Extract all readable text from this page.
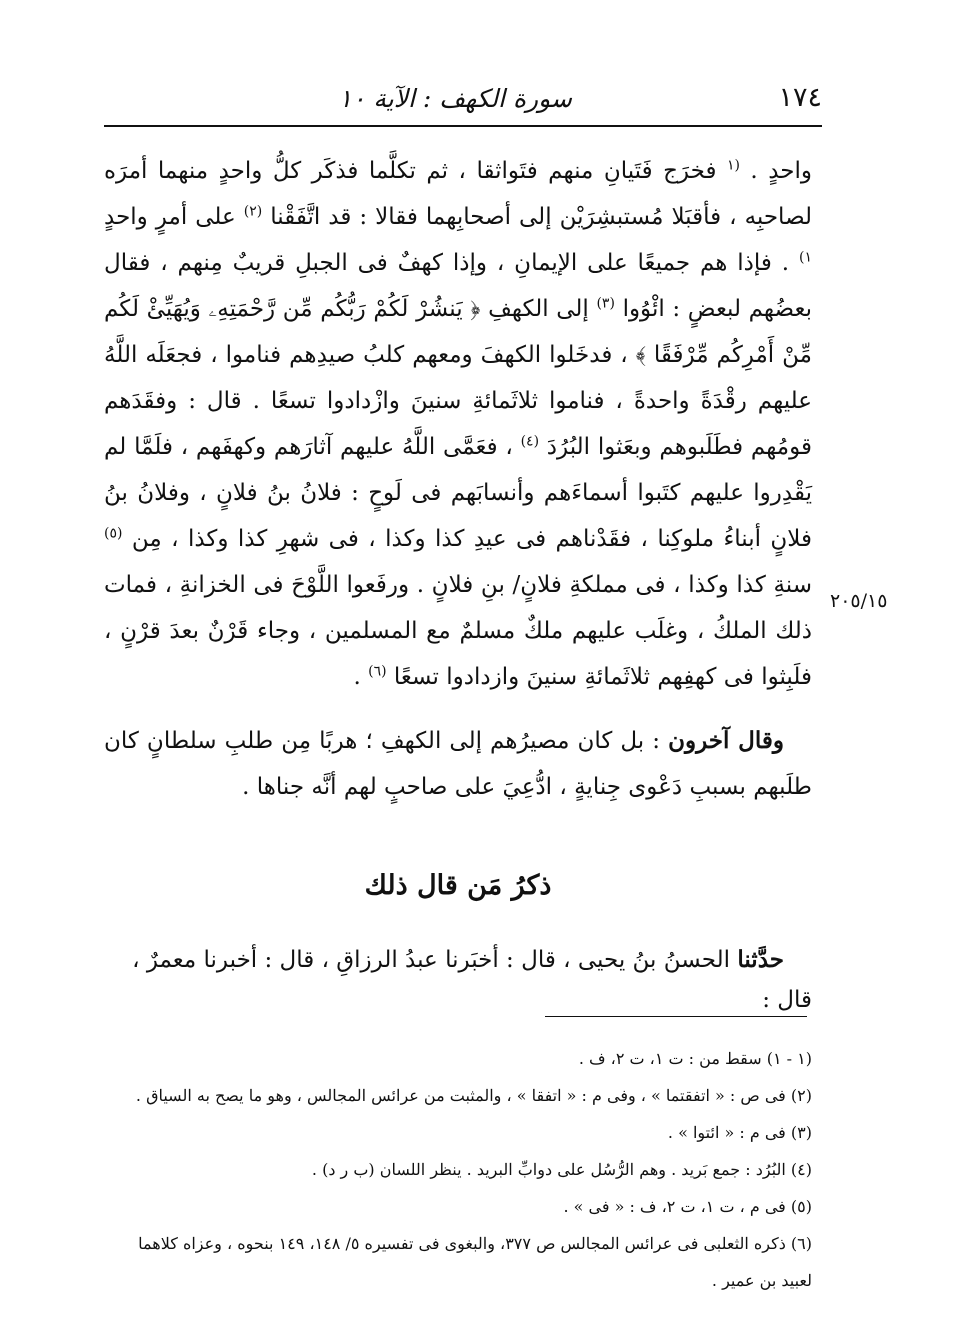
١٧٤
سورة الكهف : الآية ١٠
٢٠٥/١٥

واحدٍ . $^{(١}$ فخرَج فَتَيانِ منهم فتَواثقا ، ثم تكلَّما فذكَر كلُّ واحدٍ منهما أمرَه لصاحبِه ، فأقبَلا مُستبشِرَيْن إلى أصحابِهما فقالا : قد اتَّفَقْنا $^{(٢)}$ على أمرٍ واحدٍ $^{١)}$ . فإذا هم جميعًا على الإيمانِ ، وإذا كهفٌ فى الجبلِ قريبٌ مِنهم ، فقال بعضُهم لبعضٍ : ائْوُوا $^{(٣)}$ إلى الكهفِ ﴿ يَنشُرْ لَكُمْ رَبُّكُم مِّن رَّحْمَتِهِۦ وَيُهَيِّئْ لَكُم مِّنْ أَمْرِكُم مِّرْفَقًا ﴾ ، فدخَلوا الكهفَ ومعهم كلبُ صيدِهم فناموا ، فجعَلَه اللَّهُ عليهم رقْدَةً واحدةً ، فناموا ثلاثَمائةِ سنينَ وازْدادوا تسعًا . قال : وفقَدَهم قومُهم فطَلَبوهم وبعَثوا البُرُدَ $^{(٤)}$ ، فعَمَّى اللَّهُ عليهم آثارَهم وكهفَهم ، فلَمَّا لم يَقْدِروا عليهم كتَبوا أسماءَهم وأنسابَهم فى لَوحٍ : فلانُ بنُ فلانٍ ، وفلانُ بنُ فلانٍ أبناءُ ملوكِنا ، فقَدْناهم فى عيدِ كذا وكذا ، فى شهرِ كذا وكذا ، مِن $^{(٥)}$ سنةِ كذا وكذا ، فى مملكةِ فلانٍ/ بنِ فلانٍ . ورفَعوا اللَّوْحَ فى الخزانةِ ، فمات ذلك الملكُ ، وغلَب عليهم ملكٌ مسلمٌ مع المسلمين ، وجاء قَرْنٌ بعدَ قرْنٍ ، فلَبِثوا فى كهفِهم ثلاثَمائةِ سنينَ وازدادوا تسعًا $^{(٦)}$ .

وقال آخرون : بل كان مصيرُهم إلى الكهفِ ؛ هربًا مِن طلبِ سلطانٍ كان طلَبهم بسببِ دَعْوى جِنايةٍ ، ادُّعِيَ على صاحبٍ لهم أنَّه جناها .

ذكرُ مَن قال ذلك
حدَّثنا الحسنُ بنُ يحيى ، قال : أخبَرنا عبدُ الرزاقِ ، قال : أخبرنا معمرٌ ، قال :
(١ - ١) سقط من : ت ١، ت ٢، ف .
(٢) فى ص : « اتفقتما » ، وفى م : « اتفقا » ، والمثبت من عرائس المجالس ، وهو ما يصح به السياق .
(٣) فى م : « ائتوا » .
(٤) البُرُد : جمع بَريد . وهم الرُّسُل على دوابِّ البريد . ينظر اللسان (ب ر د) .
(٥) فى م ، ت ١، ت ٢، ف : « فى » .
(٦) ذكره الثعلبى فى عرائس المجالس ص ٣٧٧، والبغوى فى تفسيره ٥/ ١٤٨، ١٤٩ بنحوه ، وعزاه كلاهما
لعبيد بن عمير .
